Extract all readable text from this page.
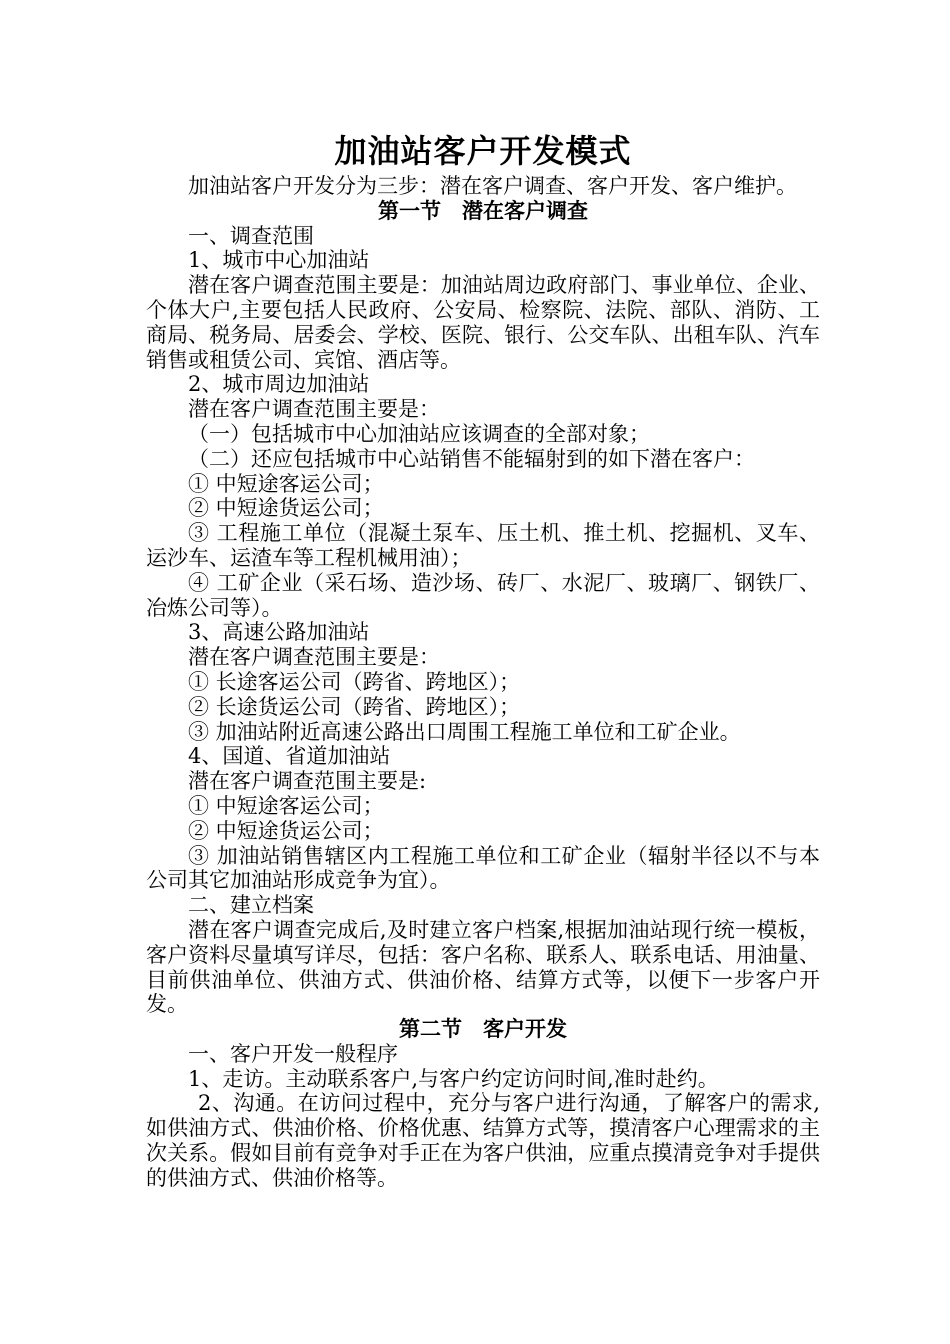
加油站客户开发模式

加油站客户开发分为三步：潜在客户调查、客户开发、客户维护。

第一节　潜在客户调查

一、调查范围

1、城市中心加油站

潜在客户调查范围主要是：加油站周边政府部门、事业单位、企业、个体大户,主要包括人民政府、公安局、检察院、法院、部队、消防、工商局、税务局、居委会、学校、医院、银行、公交车队、出租车队、汽车销售或租赁公司、宾馆、酒店等。

2、城市周边加油站

潜在客户调查范围主要是：

（一）包括城市中心加油站应该调查的全部对象；

（二）还应包括城市中心站销售不能辐射到的如下潜在客户：

① 中短途客运公司；

② 中短途货运公司；

③ 工程施工单位（混凝土泵车、压土机、推土机、挖掘机、叉车、运沙车、运渣车等工程机械用油）；

④ 工矿企业（采石场、造沙场、砖厂、水泥厂、玻璃厂、钢铁厂、冶炼公司等）。

3、高速公路加油站

潜在客户调查范围主要是：

① 长途客运公司（跨省、跨地区）；

② 长途货运公司（跨省、跨地区）；

③ 加油站附近高速公路出口周围工程施工单位和工矿企业。

4、国道、省道加油站

潜在客户调查范围主要是:

① 中短途客运公司；

② 中短途货运公司；

③ 加油站销售辖区内工程施工单位和工矿企业（辐射半径以不与本公司其它加油站形成竞争为宜）。

二、建立档案

潜在客户调查完成后,及时建立客户档案,根据加油站现行统一模板，客户资料尽量填写详尽，包括：客户名称、联系人、联系电话、用油量、目前供油单位、供油方式、供油价格、结算方式等，以便下一步客户开发。

第二节　客户开发

一、客户开发一般程序

1、走访。主动联系客户,与客户约定访问时间,准时赴约。

2、沟通。在访问过程中，充分与客户进行沟通，了解客户的需求,如供油方式、供油价格、价格优惠、结算方式等，摸清客户心理需求的主次关系。假如目前有竞争对手正在为客户供油，应重点摸清竞争对手提供的供油方式、供油价格等。
